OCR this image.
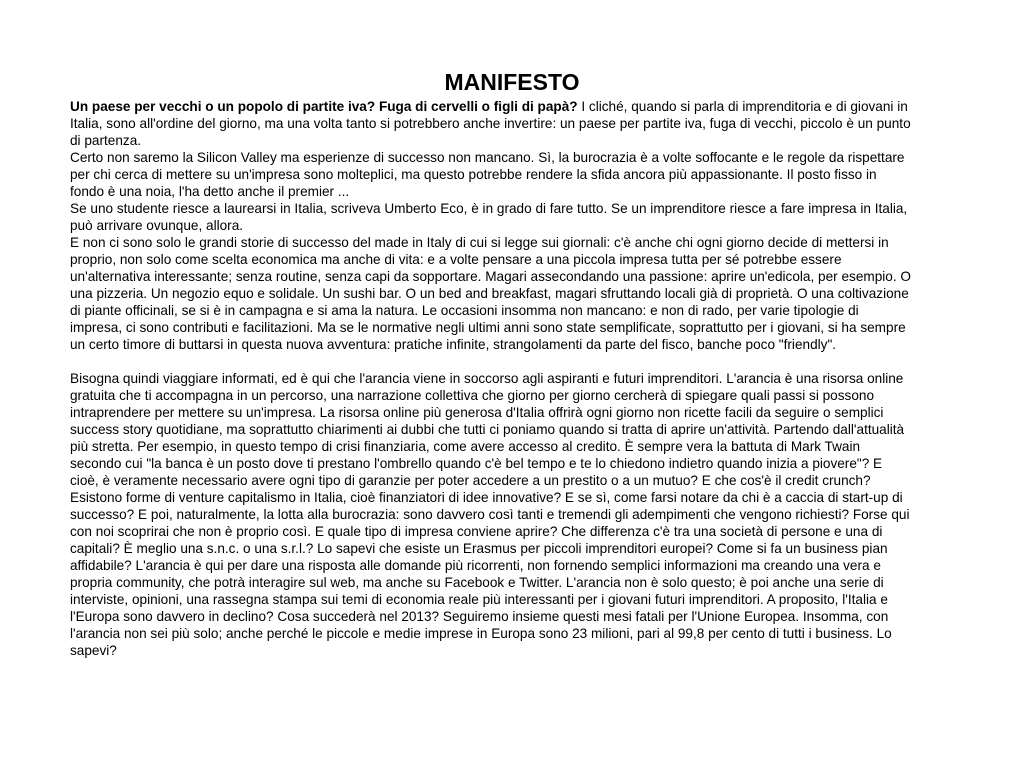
MANIFESTO

Un paese per vecchi o un popolo di partite iva? Fuga di cervelli o figli di papà? I cliché, quando si parla di imprenditoria e di giovani in Italia, sono all'ordine del giorno, ma una volta tanto si potrebbero anche invertire: un paese per partite iva, fuga di vecchi, piccolo è un punto di partenza.

Certo non saremo la Silicon Valley ma esperienze di successo non mancano. Sì, la burocrazia è a volte soffocante e le regole da rispettare per chi cerca di mettere su un'impresa sono molteplici, ma questo potrebbe rendere la sfida ancora più appassionante. Il posto fisso in fondo è una noia, l'ha detto anche il premier ...

Se uno studente riesce a laurearsi in Italia, scriveva Umberto Eco, è in grado di fare tutto. Se un imprenditore riesce a fare impresa in Italia, può arrivare ovunque, allora.

E non ci sono solo le grandi storie di successo del made in Italy di cui si legge sui giornali: c'è anche chi ogni giorno decide di mettersi in proprio, non solo come scelta economica ma anche di vita: e a volte pensare a una piccola impresa tutta per sé potrebbe essere un'alternativa interessante; senza routine, senza capi da sopportare. Magari assecondando una passione: aprire un'edicola, per esempio. O una pizzeria. Un negozio equo e solidale. Un sushi bar. O un bed and breakfast, magari sfruttando locali già di proprietà. O una coltivazione di piante officinali, se si è in campagna e si ama la natura. Le occasioni insomma non mancano: e non di rado, per varie tipologie di impresa, ci sono contributi e facilitazioni. Ma se le normative negli ultimi anni sono state semplificate, soprattutto per i giovani, si ha sempre un certo timore di buttarsi in questa nuova avventura: pratiche infinite, strangolamenti da parte del fisco, banche poco "friendly".

Bisogna quindi viaggiare informati, ed è qui che l'arancia viene in soccorso agli aspiranti e futuri imprenditori. L'arancia è una risorsa online gratuita che ti accompagna in un percorso, una narrazione collettiva che giorno per giorno cercherà di spiegare quali passi si possono intraprendere per mettere su un'impresa. La risorsa online più generosa d'Italia offrirà ogni giorno non ricette facili da seguire o semplici success story quotidiane, ma soprattutto chiarimenti ai dubbi che tutti ci poniamo quando si tratta di aprire un'attività. Partendo dall'attualità più stretta. Per esempio, in questo tempo di crisi finanziaria, come avere accesso al credito. È sempre vera la battuta di Mark Twain secondo cui "la banca è un posto dove ti prestano l'ombrello quando c'è bel tempo e te lo chiedono indietro quando inizia a piovere"? E cioè, è veramente necessario avere ogni tipo di garanzie per poter accedere a un prestito o a un mutuo? E che cos'è il credit crunch? Esistono forme di venture capitalismo in Italia, cioè finanziatori di idee innovative? E se sì, come farsi notare da chi è a caccia di start-up di successo? E poi, naturalmente, la lotta alla burocrazia: sono davvero così tanti e tremendi gli adempimenti che vengono richiesti? Forse qui con noi scoprirai che non è proprio così. E quale tipo di impresa conviene aprire? Che differenza c'è tra una società di persone e una di capitali? È meglio una s.n.c. o una s.r.l.? Lo sapevi che esiste un Erasmus per piccoli imprenditori europei? Come si fa un business pian affidabile? L'arancia è qui per dare una risposta alle domande più ricorrenti, non fornendo semplici informazioni ma creando una vera e propria community, che potrà interagire sul web, ma anche su Facebook e Twitter. L'arancia non è solo questo; è poi anche una serie di interviste, opinioni, una rassegna stampa sui temi di economia reale più interessanti per i giovani futuri imprenditori. A proposito, l'Italia e l'Europa sono davvero in declino? Cosa succederà nel 2013? Seguiremo insieme questi mesi fatali per l'Unione Europea. Insomma, con l'arancia non sei più solo; anche perché le piccole e medie imprese in Europa sono 23 milioni, pari al 99,8 per cento di tutti i business. Lo sapevi?
